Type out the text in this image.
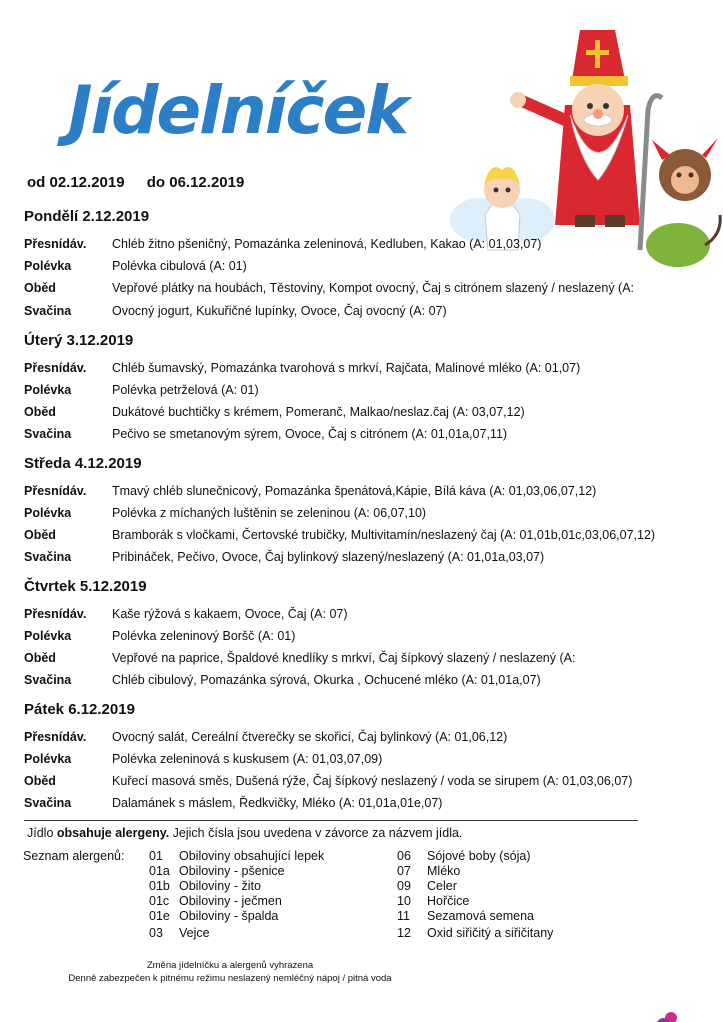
Jídelníček
od 02.12.2019 do 06.12.2019
Pondělí 2.12.2019
Přesnídáv. Chléb žitno pšeničný, Pomazánka zeleninová, Kedluben, Kakao (A: 01,03,07)
Polévka	Polévka cibulová (A: 01)
Oběd	Vepřové plátky na houbách, Těstoviny, Kompot ovocný, Čaj s citrónem slazený / neslazený (A:
Svačina	Ovocný jogurt, Kukuřičné lupínky, Ovoce, Čaj ovocný (A: 07)
Úterý 3.12.2019
Přesnídáv. Chléb šumavský, Pomazánka tvarohová s mrkví, Rajčata, Malinové mléko (A: 01,07)
Polévka	Polévka petrželová (A: 01)
Oběd	Dukátové buchtičky s krémem, Pomeranč, Malkao/neslaz.čaj (A: 03,07,12)
Svačina	Pečivo se smetanovým sýrem, Ovoce, Čaj s citrónem (A: 01,01a,07,11)
Středa 4.12.2019
Přesnídáv. Tmavý chléb slunečnicový, Pomazánka špenátová,Kápie, Bílá káva (A: 01,03,06,07,12)
Polévka	Polévka z míchaných luštěnin se zeleninou (A: 06,07,10)
Oběd	Bramborák s vločkami, Čertovské trubičky, Multivitamín/neslazený čaj (A: 01,01b,01c,03,06,07,12)
Svačina	Pribináček, Pečivo, Ovoce, Čaj bylinkový slazený/neslazený (A: 01,01a,03,07)
Čtvrtek 5.12.2019
Přesnídáv. Kaše rýžová s kakaem, Ovoce, Čaj (A: 07)
Polévka	Polévka zeleninový Boršč (A: 01)
Oběd	Vepřové na paprice, Špaldové knedlíky s mrkví, Čaj šípkový slazený / neslazený (A:
Svačina	Chléb cibulový, Pomazánka sýrová, Okurka , Ochucené mléko (A: 01,01a,07)
Pátek 6.12.2019
Přesnídáv. Ovocný salát, Cereální čtverečky se skořicí, Čaj bylinkový (A: 01,06,12)
Polévka	Polévka zeleninová s kuskusem (A: 01,03,07,09)
Oběd	Kuřecí masová směs, Dušená rýže, Čaj šípkový neslazený / voda se sirupem (A: 01,03,06,07)
Svačina	Dalamánek s máslem, Ředkvičky, Mléko (A: 01,01a,01e,07)
Jídlo obsahuje alergeny. Jejich čísla jsou uvedena v závorce za názvem jídla.
Seznam alergenů: 01 Obiloviny obsahující lepek
01a Obiloviny - pšenice
01b Obiloviny - žito
01c Obiloviny - ječmen
01e Obiloviny - špalda
03 Vejce
06 Sójové boby (sója)
07 Mléko
09 Celer
10 Hořčice
11 Sezamová semena
12 Oxid siřičitý a siřičitany
Změna jídelníčku a alergenů vyhrazena
Denně zabezpečen k pitnému režimu neslazený nemléčný nápoj / pitná voda
